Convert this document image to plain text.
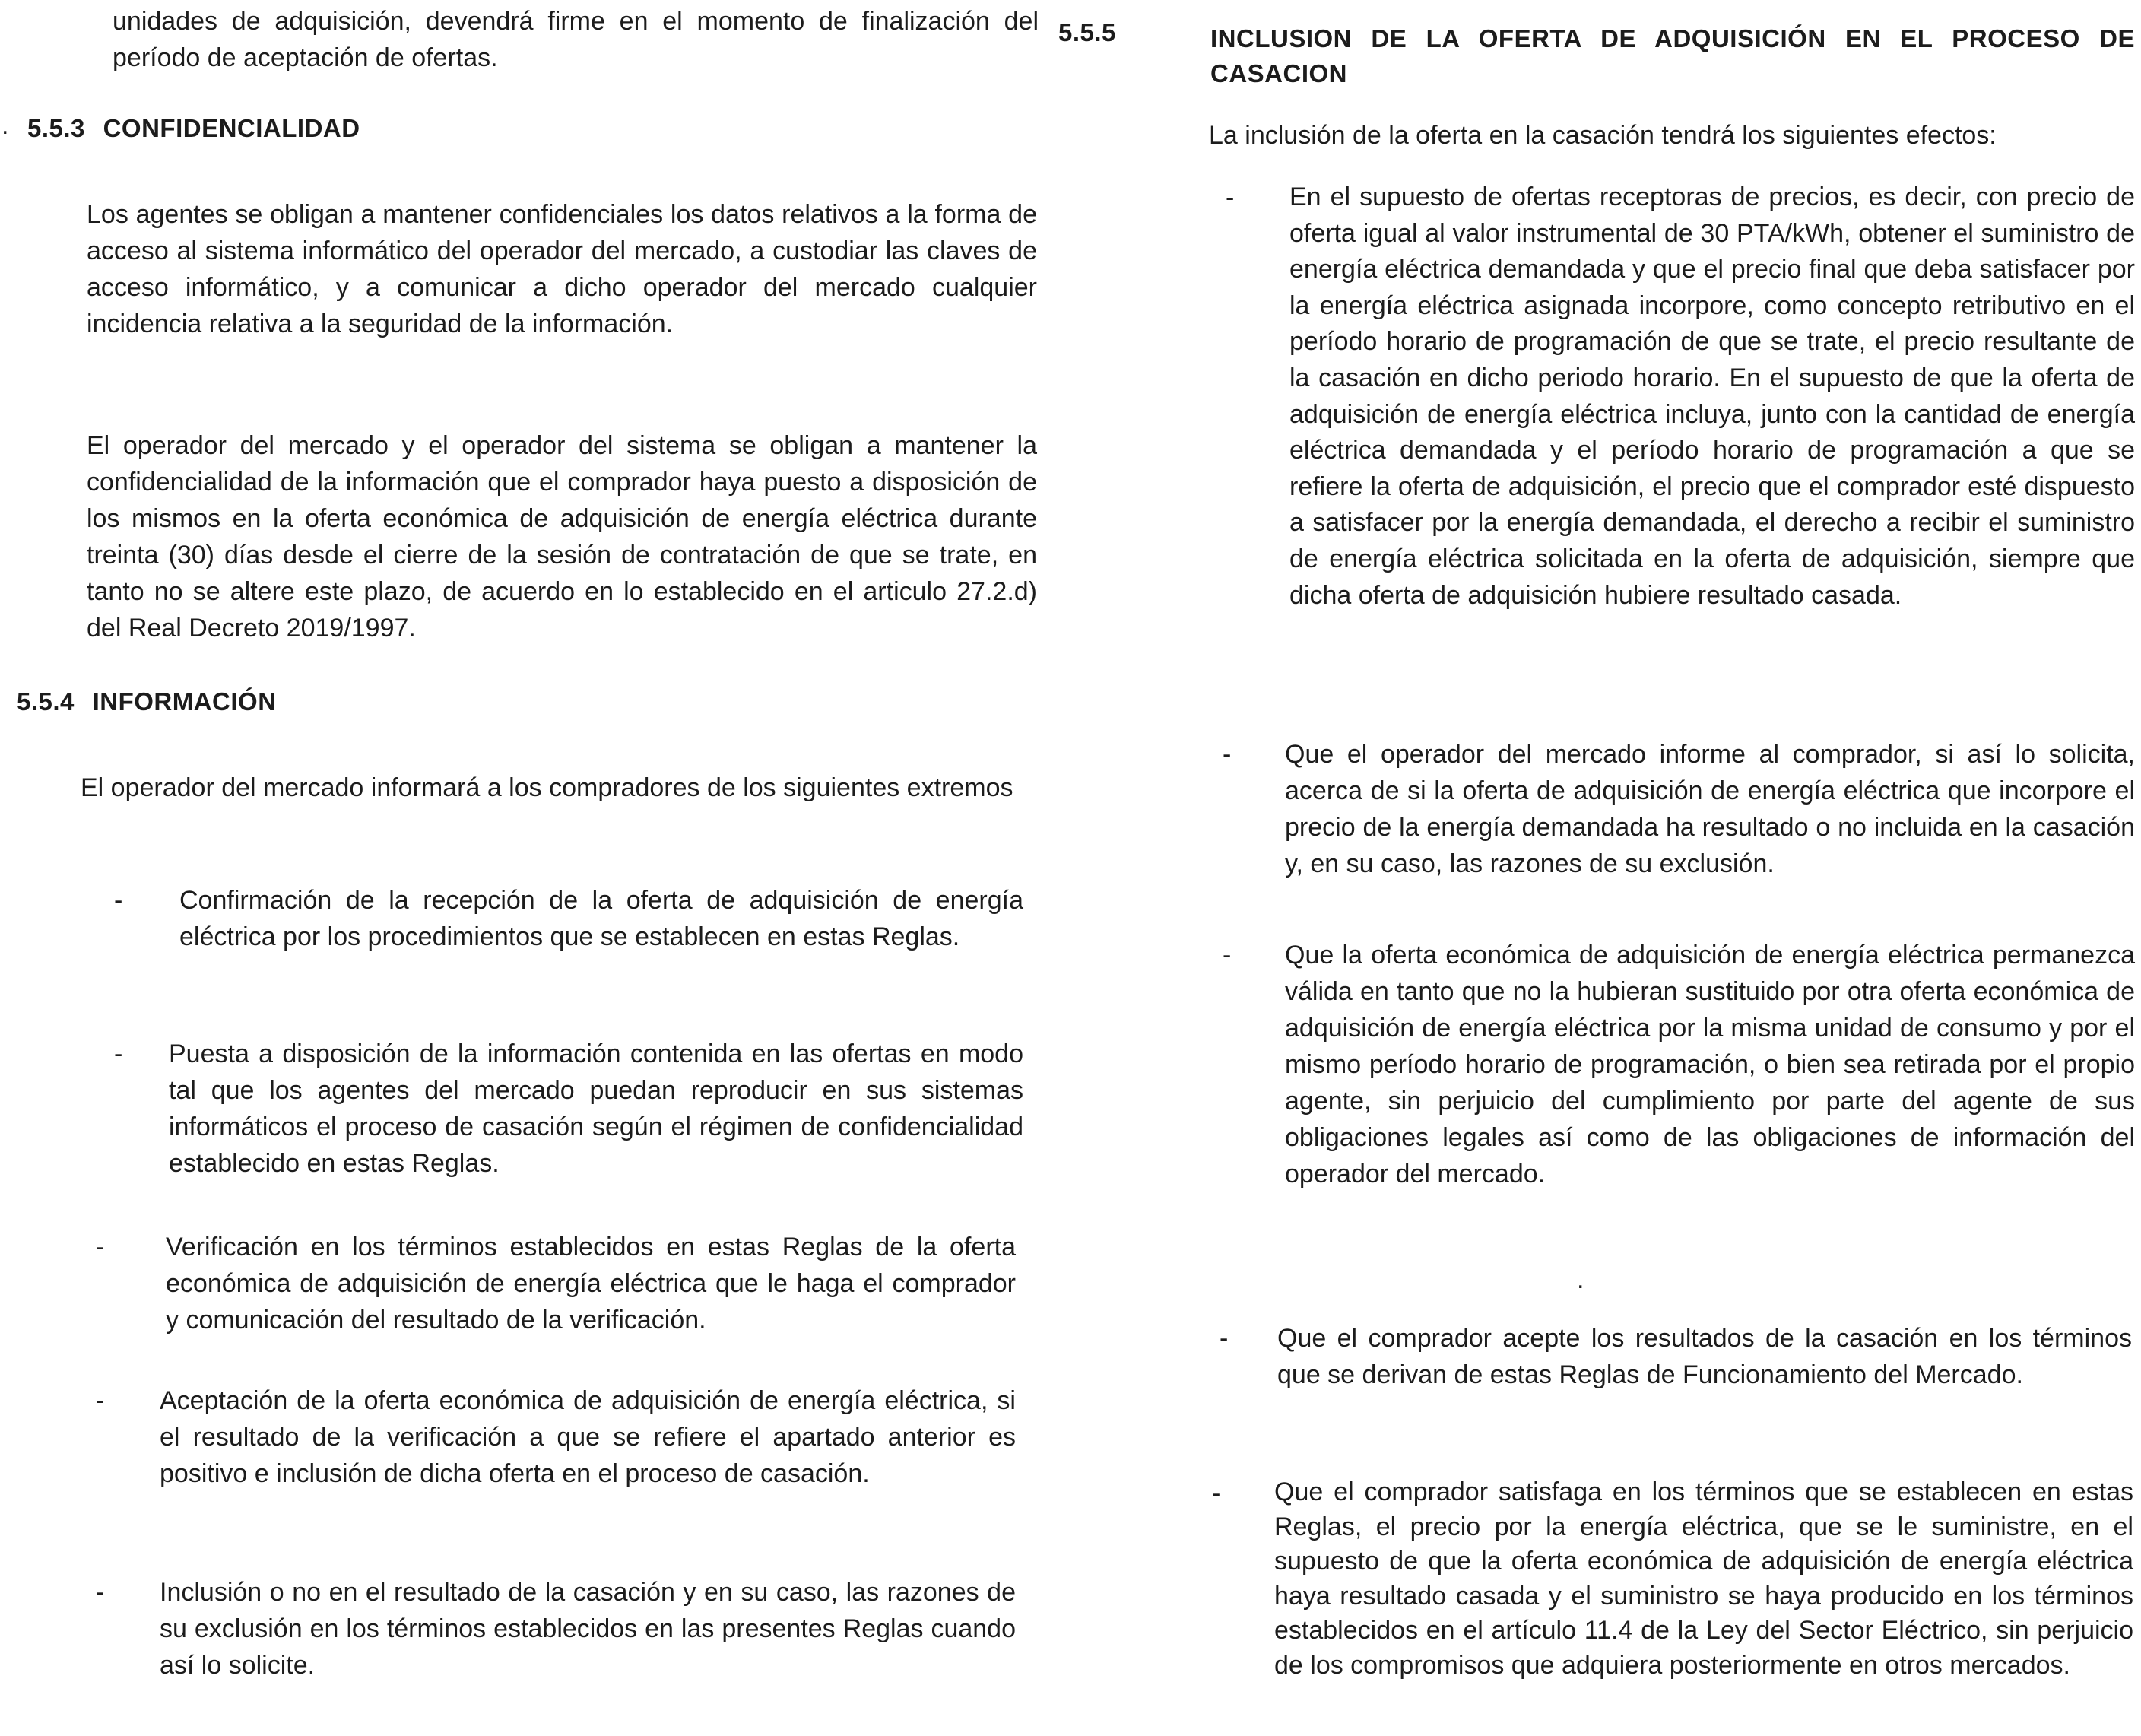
unidades de adquisición, devendrá firme en el momento de finalización del período de aceptación de ofertas.

. 5.5.3 CONFIDENCIALIDAD

Los agentes se obligan a mantener confidenciales los datos relativos a la forma de acceso al sistema informático del operador del mercado, a custodiar las claves de acceso informático, y a comunicar a dicho operador del mercado cualquier incidencia relativa a la seguridad de la información.

El operador del mercado y el operador del sistema se obligan a mantener la confidencialidad de la información que el comprador haya puesto a disposición de los mismos en la oferta económica de adquisición de energía eléctrica durante treinta (30) días desde el cierre de la sesión de contratación de que se trate, en tanto no se altere este plazo, de acuerdo en lo establecido en el articulo 27.2.d) del Real Decreto 2019/1997.

5.5.4 INFORMACIÓN

El operador del mercado informará a los compradores de los siguientes extremos

- Confirmación de la recepción de la oferta de adquisición de energía eléctrica por los procedimientos que se establecen en estas Reglas.

- Puesta a disposición de la información contenida en las ofertas en modo tal que los agentes del mercado puedan reproducir en sus sistemas informáticos el proceso de casación según el régimen de confidencialidad establecido en estas Reglas.

- Verificación en los términos establecidos en estas Reglas de la oferta económica de adquisición de energía eléctrica que le haga el comprador y comunicación del resultado de la verificación.

- Aceptación de la oferta económica de adquisición de energía eléctrica, si el resultado de la verificación a que se refiere el apartado anterior es positivo e inclusión de dicha oferta en el proceso de casación.

- Inclusión o no en el resultado de la casación y en su caso, las razones de su exclusión en los términos establecidos en las presentes Reglas cuando así lo solicite.

5.5.5	INCLUSION DE LA OFERTA DE ADQUISICIÓN EN EL PROCESO DE CASACION

La inclusión de la oferta en la casación tendrá los siguientes efectos:

- En el supuesto de ofertas receptoras de precios, es decir, con precio de oferta igual al valor instrumental de 30 PTA/kWh, obtener el suministro de energía eléctrica demandada y que el precio final que deba satisfacer por la energía eléctrica asignada incorpore, como concepto retributivo en el período horario de programación de que se trate, el precio resultante de la casación en dicho periodo horario. En el supuesto de que la oferta de adquisición de energía eléctrica incluya, junto con la cantidad de energía eléctrica demandada y el período horario de programación a que se refiere la oferta de adquisición, el precio que el comprador esté dispuesto a satisfacer por la energía demandada, el derecho a recibir el suministro de energía eléctrica solicitada en la oferta de adquisición, siempre que dicha oferta de adquisición hubiere resultado casada.

- Que el operador del mercado informe al comprador, si así lo solicita, acerca de si la oferta de adquisición de energía eléctrica que incorpore el precio de la energía demandada ha resultado o no incluida en la casación y, en su caso, las razones de su exclusión.

- Que la oferta económica de adquisición de energía eléctrica permanezca válida en tanto que no la hubieran sustituido por otra oferta económica de adquisición de energía eléctrica por la misma unidad de consumo y por el mismo período horario de programación, o bien sea retirada por el propio agente, sin perjuicio del cumplimiento por parte del agente de sus obligaciones legales así como de las obligaciones de información del operador del mercado.

.
- Que el comprador acepte los resultados de la casación en los términos que se derivan de estas Reglas de Funcionamiento del Mercado.

- Que el comprador satisfaga en los términos que se establecen en estas Reglas, el precio por la energía eléctrica, que se le suministre, en el supuesto de que la oferta económica de adquisición de energía eléctrica haya resultado casada y el suministro se haya producido en los términos establecidos en el artículo 11.4 de la Ley del Sector Eléctrico, sin perjuicio de los compromisos que adquiera posteriormente en otros mercados.
